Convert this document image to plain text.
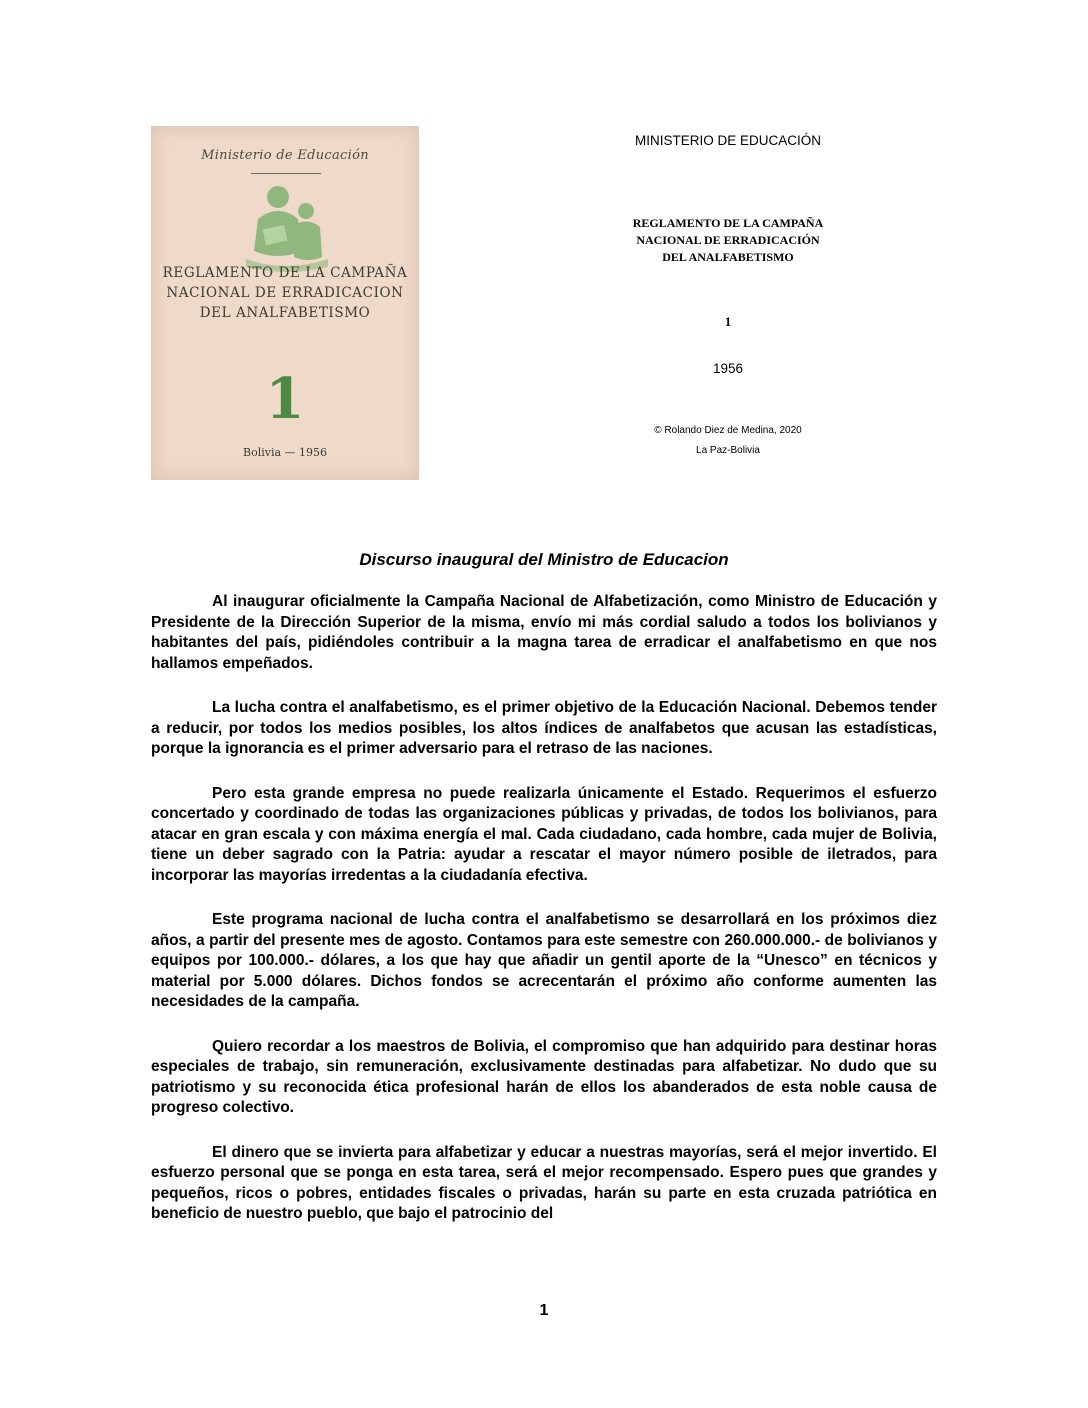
Ministerio de Educación
REGLAMENTO DE LA CAMPAÑA
NACIONAL DE ERRADICACION
DEL ANALFABETISMO
1
Bolivia — 1956
MINISTERIO DE EDUCACIÓN
REGLAMENTO DE LA CAMPAÑA
NACIONAL DE ERRADICACIÓN
DEL ANALFABETISMO
1
1956
© Rolando Diez de Medina, 2020
La Paz-Bolivia
Discurso inaugural del Ministro de Educacion

Al inaugurar oficialmente la Campaña Nacional de Alfabetización, como Ministro de Educación y Presidente de la Dirección Superior de la misma, envío mi más cordial saludo a todos los bolivianos y habitantes del país, pidiéndoles contribuir a la magna tarea de erradicar el analfabetismo en que nos hallamos empeñados.

La lucha contra el analfabetismo, es el primer objetivo de la Educación Nacional. Debemos tender a reducir, por todos los medios posibles, los altos índices de analfabetos que acusan las estadísticas, porque la ignorancia es el primer adversario para el retraso de las naciones.

Pero esta grande empresa no puede realizarla únicamente el Estado. Requerimos el esfuerzo concertado y coordinado de todas las organizaciones públicas y privadas, de todos los bolivianos, para atacar en gran escala y con máxima energía el mal. Cada ciudadano, cada hombre, cada mujer de Bolivia, tiene un deber sagrado con la Patria: ayudar a rescatar el mayor número posible de iletrados, para incorporar las mayorías irredentas a la ciudadanía efectiva.

Este programa nacional de lucha contra el analfabetismo se desarrollará en los próximos diez años, a partir del presente mes de agosto. Contamos para este semestre con 260.000.000.- de bolivianos y equipos por 100.000.- dólares, a los que hay que añadir un gentil aporte de la “Unesco” en técnicos y material por 5.000 dólares. Dichos fondos se acrecentarán el próximo año conforme aumenten las necesidades de la campaña.

Quiero recordar a los maestros de Bolivia, el compromiso que han adquirido para destinar horas especiales de trabajo, sin remuneración, exclusivamente destinadas para alfabetizar. No dudo que su patriotismo y su reconocida ética profesional harán de ellos los abanderados de esta noble causa de progreso colectivo.

El dinero que se invierta para alfabetizar y educar a nuestras mayorías, será el mejor invertido. El esfuerzo personal que se ponga en esta tarea, será el mejor recompensado. Espero pues que grandes y pequeños, ricos o pobres, entidades fiscales o privadas, harán su parte en esta cruzada patriótica en beneficio de nuestro pueblo, que bajo el patrocinio del

1
